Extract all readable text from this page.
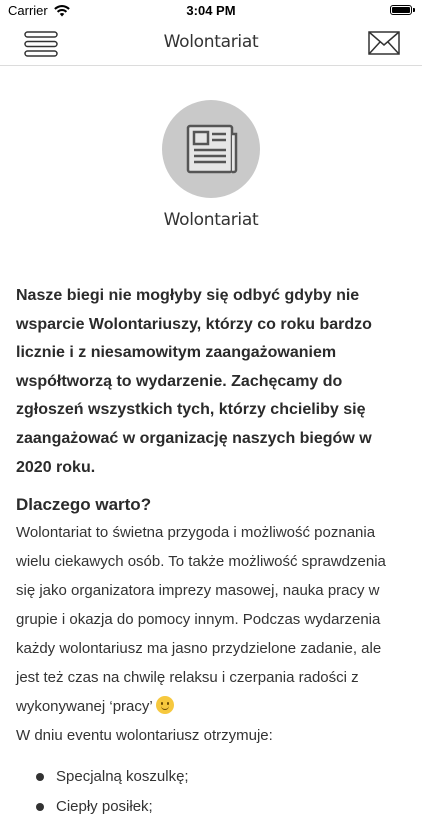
Carrier	3:04 PM
Wolontariat
Wolontariat

Nasze biegi nie mogłyby się odbyć gdyby nie wsparcie Wolontariuszy, którzy co roku bardzo licznie i z niesamowitym zaangażowaniem współtworzą to wydarzenie. Zachęcamy do zgłoszeń wszystkich tych, którzy chcieliby się zaangażować w organizację naszych biegów w 2020 roku.

Dlaczego warto?

Wolontariat to świetna przygoda i możliwość poznania wielu ciekawych osób. To także możliwość sprawdzenia się jako organizatora imprezy masowej, nauka pracy w grupie i okazja do pomocy innym. Podczas wydarzenia każdy wolontariusz ma jasno przydzielone zadanie, ale jest też czas na chwilę relaksu i czerpania radości z wykonywanej ‘pracy’

W dniu eventu wolontariusz otrzymuje:

Specjalną koszulkę;
Ciepły posiłek;
